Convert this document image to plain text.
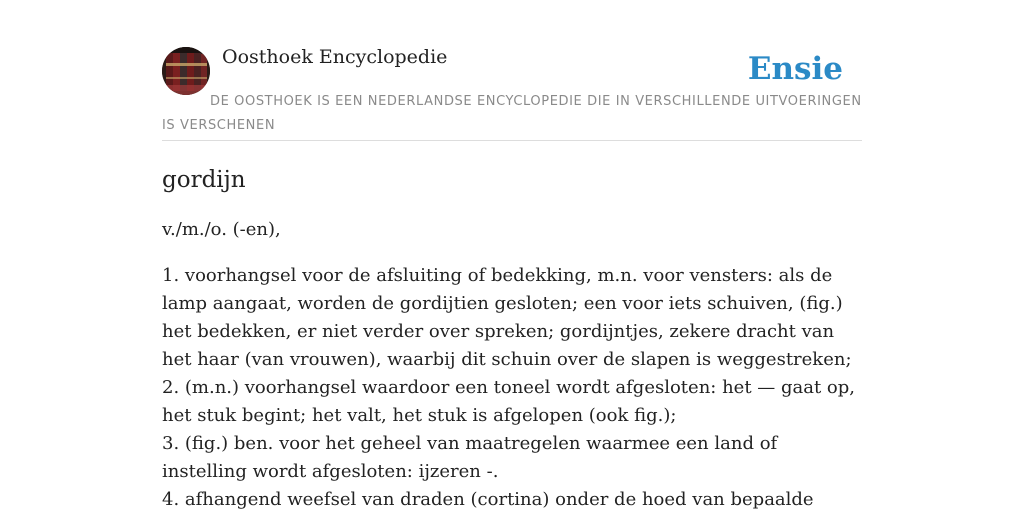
Oosthoek Encyclopedie	Ensie
DE OOSTHOEK IS EEN NEDERLANDSE ENCYCLOPEDIE DIE IN VERSCHILLENDE UITVOERINGEN IS VERSCHENEN
gordijn

v./m./o. (-en),

1. voorhangsel voor de afsluiting of bedekking, m.n. voor vensters: als de lamp aangaat, worden de gordijtien gesloten; een voor iets schuiven, (fig.) het bedekken, er niet verder over spreken; gordijntjes, zekere dracht van het haar (van vrouwen), waarbij dit schuin over de slapen is weggestreken;
2. (m.n.) voorhangsel waardoor een toneel wordt afgesloten: het — gaat op, het stuk begint; het valt, het stuk is afgelopen (ook fig.);
3. (fig.) ben. voor het geheel van maatregelen waarmee een land of instelling wordt afgesloten: ijzeren -.
4. afhangend weefsel van draden (cortina) onder de hoed van bepaalde
